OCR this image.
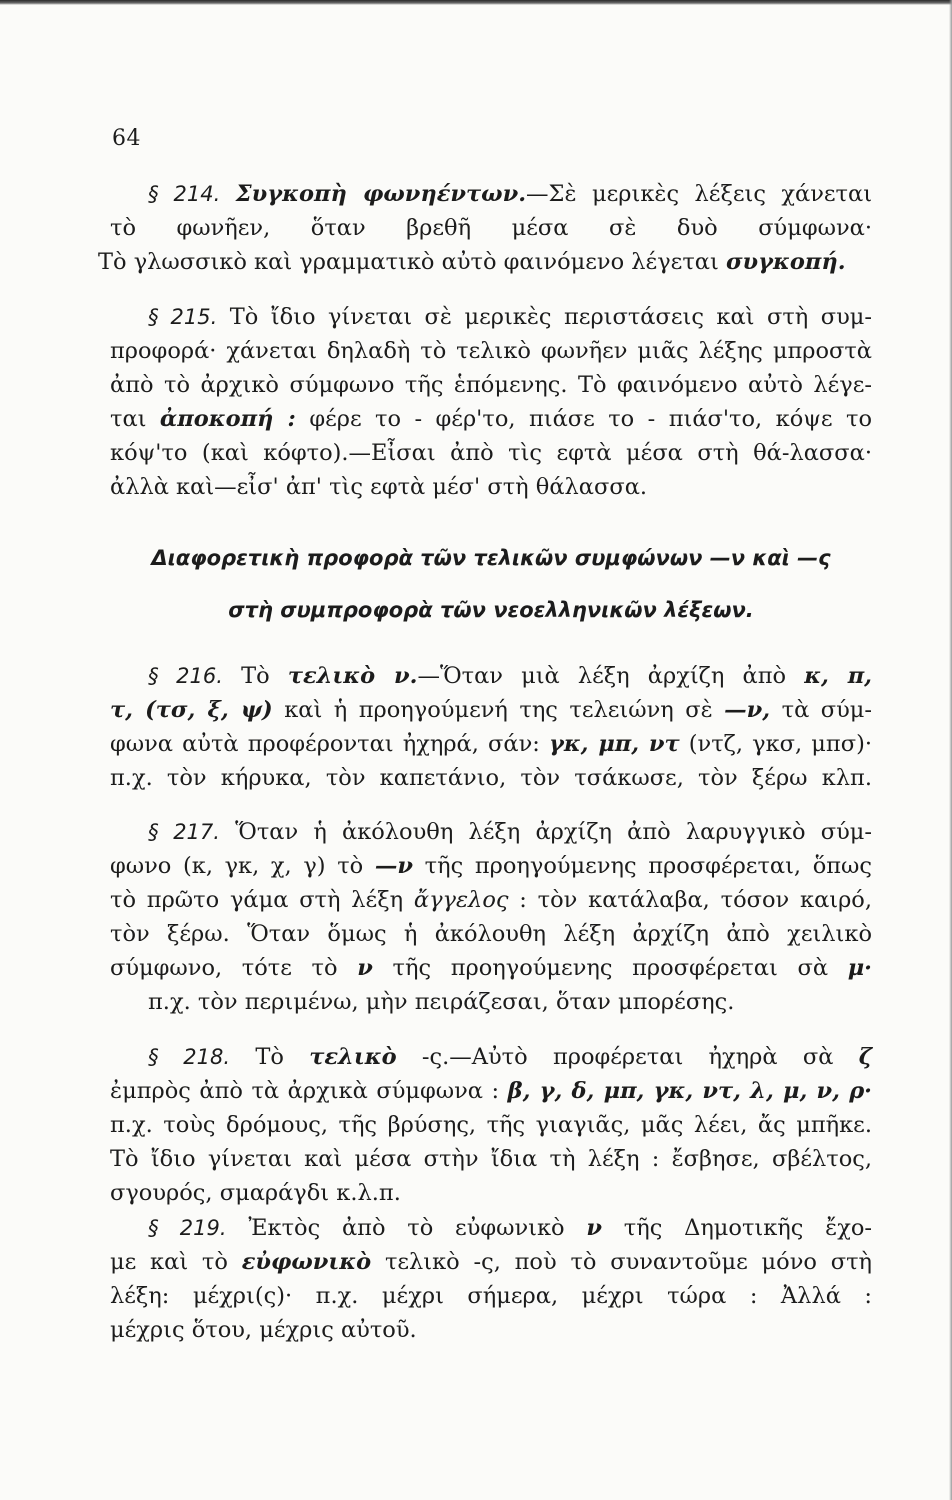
64
§ 214. Συγκοπὴ φωνηέντων.—Σὲ μερικὲς λέξεις χάνεται
τὸ φωνῆεν, ὅταν βρεθῆ μέσα σὲ δυὸ σύμφωνα·
Τὸ γλωσσικὸ καὶ γραμματικὸ αὐτὸ φαινόμενο λέγεται συγκοπή.
§ 215. Τὸ ἴδιο γίνεται σὲ μερικὲς περιστάσεις καὶ στὴ συμ-
προφορά· χάνεται δηλαδὴ τὸ τελικὸ φωνῆεν μιᾶς λέξης μπροστὰ
ἀπὸ τὸ ἀρχικὸ σύμφωνο τῆς ἑπόμενης. Τὸ φαινόμενο αὐτὸ λέγε-
ται ἀποκοπή : φέρε το - φέρ'το, πιάσε το - πιάσ'το, κόψε το
κόψ'το (καὶ κόφτο).—Εἶσαι ἀπὸ τὶς εφτὰ μέσα στὴ θά-λασσα·
ἀλλὰ καὶ—εἶσ' ἀπ' τὶς εφτὰ μέσ' στὴ θάλασσα.
Διαφορετικὴ προφορὰ τῶν τελικῶν συμφώνων —ν καὶ —ς
στὴ συμπροφορὰ τῶν νεοελληνικῶν λέξεων.
§ 216. Τὸ τελικὸ ν.—Ὅταν μιὰ λέξη ἀρχίζη ἀπὸ κ, π,
τ, (τσ, ξ, ψ) καὶ ἡ προηγούμενή της τελειώνη σὲ —ν, τὰ σύμ-
φωνα αὐτὰ προφέρονται ἠχηρά, σάν: γκ, μπ, ντ (ντζ, γκσ, μπσ)·
π.χ. τὸν κήρυκα, τὸν καπετάνιο, τὸν τσάκωσε, τὸν ξέρω κλπ.
§ 217. Ὅταν ἡ ἀκόλουθη λέξη ἀρχίζη ἀπὸ λαρυγγικὸ σύμ-
φωνο (κ, γκ, χ, γ) τὸ —ν τῆς προηγούμενης προσφέρεται, ὅπως
τὸ πρῶτο γάμα στὴ λέξη ἄγγελος : τὸν κατάλαβα, τόσον καιρό,
τὸν ξέρω. Ὅταν ὅμως ἡ ἀκόλουθη λέξη ἀρχίζη ἀπὸ χειλικὸ
σύμφωνο, τότε τὸ ν τῆς προηγούμενης προσφέρεται σὰ μ·
π.χ. τὸν περιμένω, μὴν πειράζεσαι, ὅταν μπορέσης.
§ 218. Τὸ τελικὸ -ς.—Αὐτὸ προφέρεται ἠχηρὰ σὰ ζ
ἐμπρὸς ἀπὸ τὰ ἀρχικὰ σύμφωνα : β, γ, δ, μπ, γκ, ντ, λ, μ, ν, ρ·
π.χ. τοὺς δρόμους, τῆς βρύσης, τῆς γιαγιᾶς, μᾶς λέει, ἄς μπῆκε.
Τὸ ἴδιο γίνεται καὶ μέσα στὴν ἴδια τὴ λέξη : ἔσβησε, σβέλτος,
σγουρός, σμαράγδι κ.λ.π.
§ 219. Ἐκτὸς ἀπὸ τὸ εὐφωνικὸ ν τῆς Δημοτικῆς ἔχο-
με καὶ τὸ εὐφωνικὸ τελικὸ -ς, ποὺ τὸ συναντοῦμε μόνο στὴ
λέξη: μέχρι(ς)· π.χ. μέχρι σήμερα, μέχρι τώρα : Ἀλλά :
μέχρις ὅτου, μέχρις αὐτοῦ.
